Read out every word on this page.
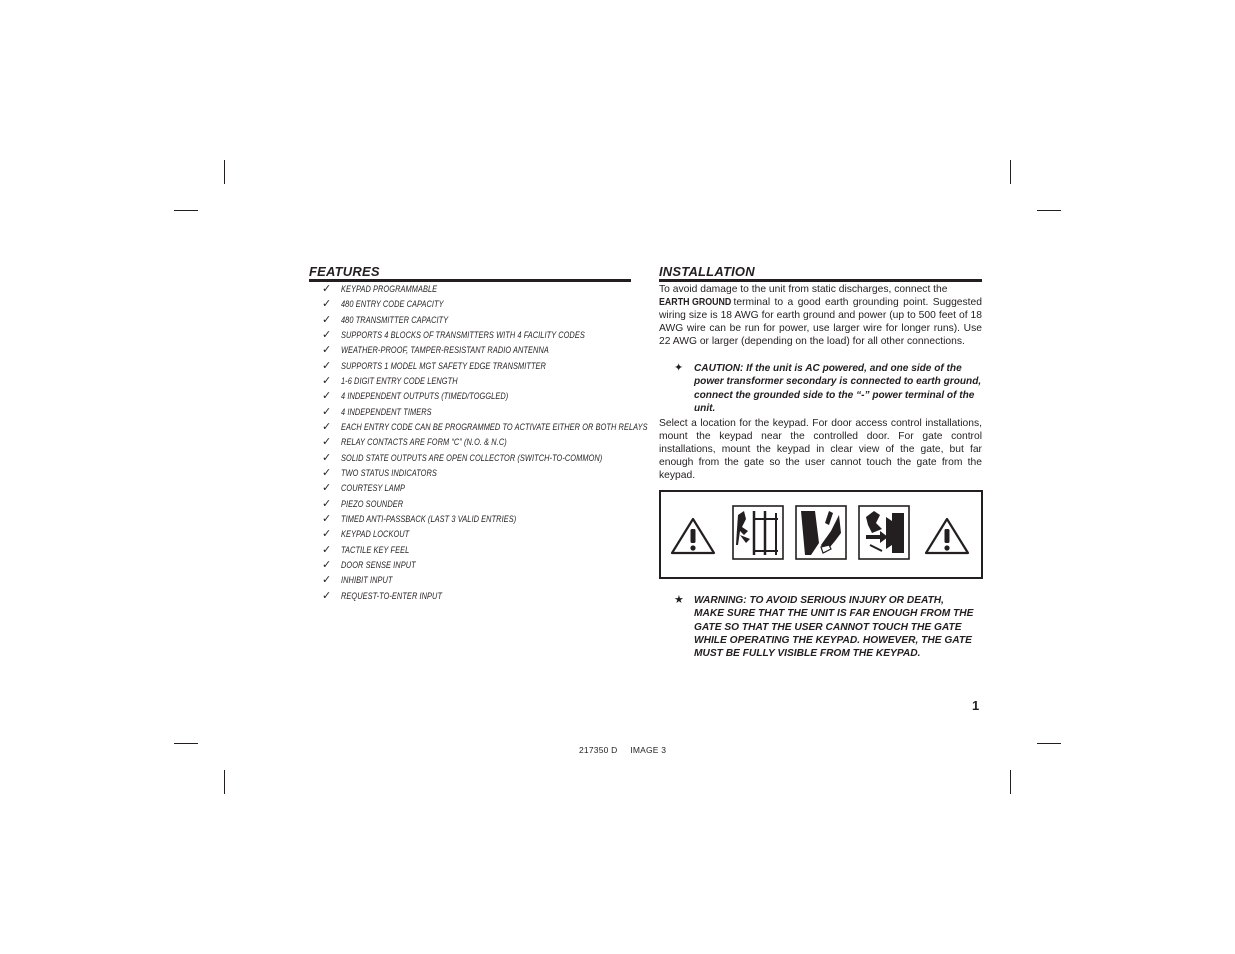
FEATURES
✓	KEYPAD PROGRAMMABLE
✓	480 ENTRY CODE CAPACITY
✓	480 TRANSMITTER CAPACITY
✓	SUPPORTS 4 BLOCKS OF TRANSMITTERS WITH 4 FACILITY CODES
✓	WEATHER-PROOF, TAMPER-RESISTANT RADIO ANTENNA
✓	SUPPORTS 1 MODEL MGT SAFETY EDGE TRANSMITTER
✓	1-6 DIGIT ENTRY CODE LENGTH
✓	4 INDEPENDENT OUTPUTS (TIMED/TOGGLED)
✓	4 INDEPENDENT TIMERS
✓	EACH ENTRY CODE CAN BE PROGRAMMED TO ACTIVATE EITHER OR BOTH RELAYS
✓	RELAY CONTACTS ARE FORM “C” (N.O. & N.C)
✓	SOLID STATE OUTPUTS ARE OPEN COLLECTOR (SWITCH-TO-COMMON)
✓	TWO STATUS INDICATORS
✓	COURTESY LAMP
✓	PIEZO SOUNDER
✓	TIMED ANTI-PASSBACK (LAST 3 VALID ENTRIES)
✓	KEYPAD LOCKOUT
✓	TACTILE KEY FEEL
✓	DOOR SENSE INPUT
✓	INHIBIT INPUT
✓	REQUEST-TO-ENTER INPUT
INSTALLATION

To avoid damage to the unit from static discharges, connect the
EARTH GROUND terminal to a good earth grounding point. Suggested wiring size is 18 AWG for earth ground and power (up to 500 feet of 18 AWG wire can be run for power, use larger wire for longer runs). Use 22 AWG or larger (depending on the load) for all other connections.

✦	CAUTION: If the unit is AC powered, and one side of the power transformer secondary is connected to earth ground, connect the grounded side to the “-” power terminal of the unit.

Select a location for the keypad. For door access control installations, mount the keypad near the controlled door. For gate control installations, mount the keypad in clear view of the gate, but far enough from the gate so the user cannot touch the gate from the keypad.

★ WARNING: TO AVOID SERIOUS INJURY OR DEATH, MAKE SURE THAT THE UNIT IS FAR ENOUGH FROM THE GATE SO THAT THE USER CANNOT TOUCH THE GATE WHILE OPERATING THE KEYPAD. HOWEVER, THE GATE MUST BE FULLY VISIBLE FROM THE KEYPAD.
1
217350 D     IMAGE 3
